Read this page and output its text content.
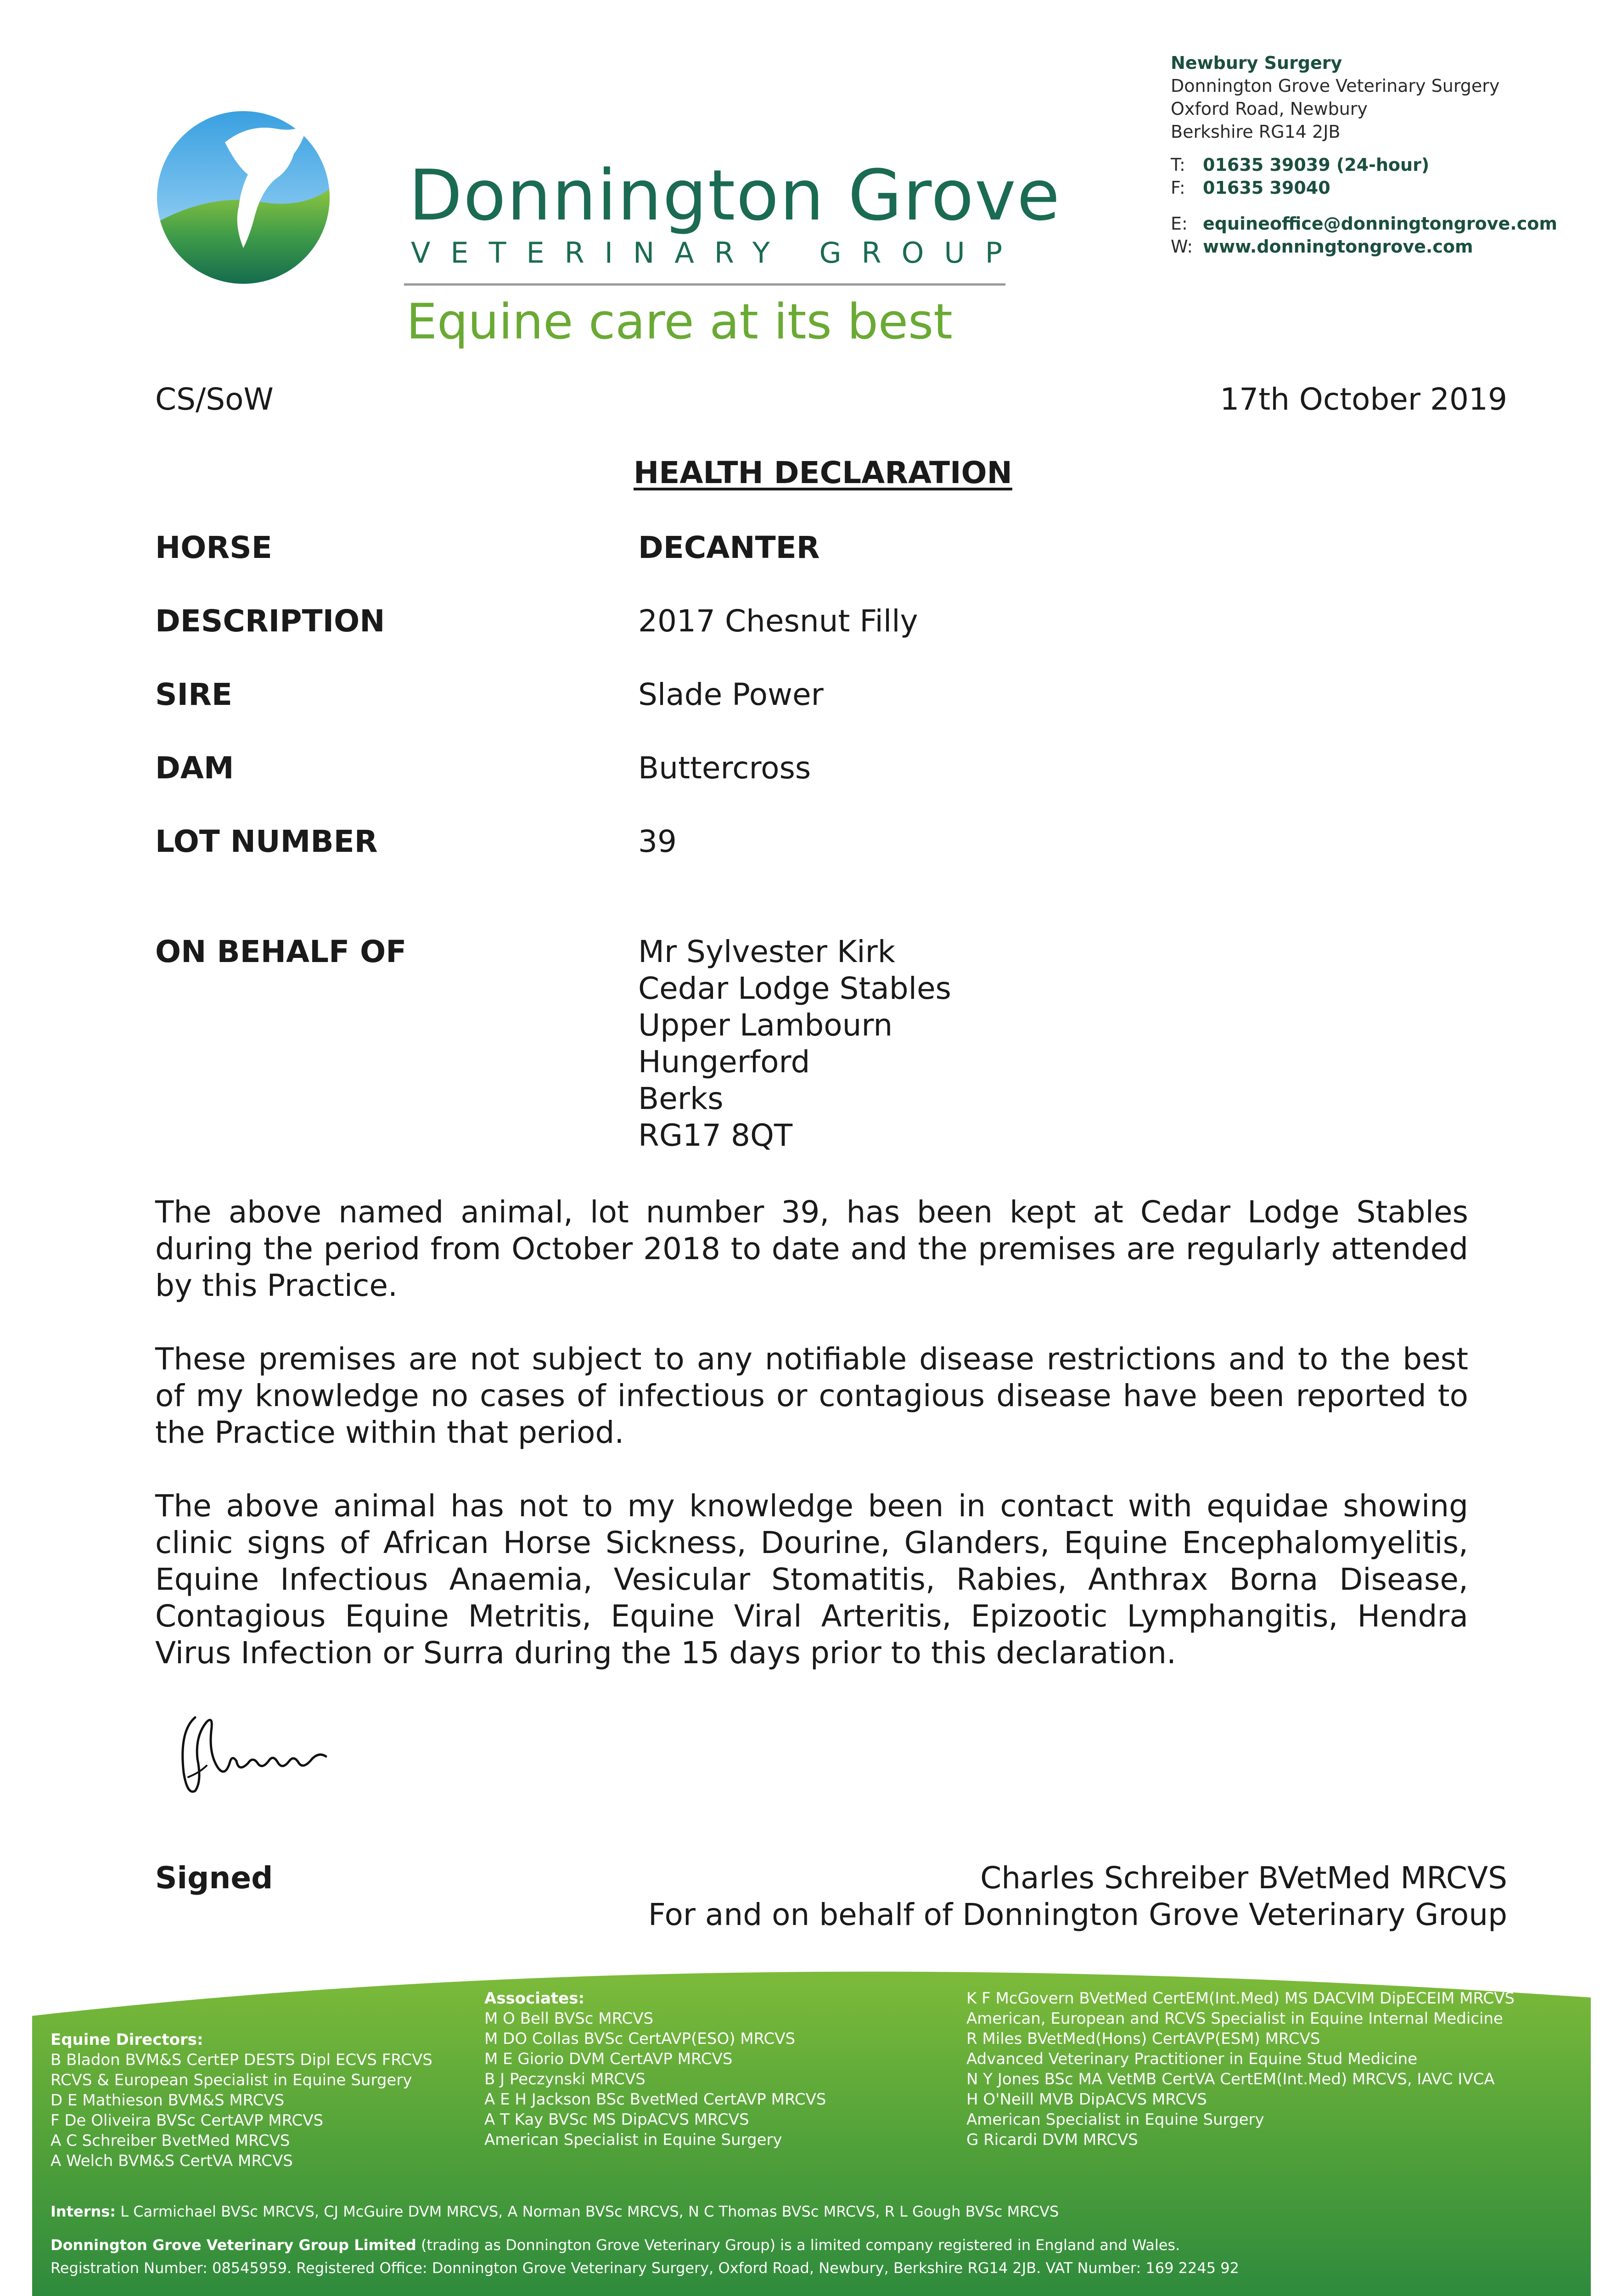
Donnington Grove
VETERINARY GROUP
Equine care at its best
Newbury Surgery
Donnington Grove Veterinary Surgery
Oxford Road, Newbury
Berkshire RG14 2JB
T: 01635 39039 (24-hour)
F: 01635 39040
E: equineoffice@donningtongrove.com
W: www.donningtongrove.com
CS/SoW	17th October 2019
HEALTH DECLARATION
HORSE	DECANTER
DESCRIPTION	2017 Chesnut Filly
SIRE	Slade Power
DAM	Buttercross
LOT NUMBER	39
ON BEHALF OF	Mr Sylvester Kirk
Cedar Lodge Stables
Upper Lambourn
Hungerford
Berks
RG17 8QT

The above named animal, lot number 39, has been kept at Cedar Lodge Stables during the period from October 2018 to date and the premises are regularly attended by this Practice.

These premises are not subject to any notifiable disease restrictions and to the best of my knowledge no cases of infectious or contagious disease have been reported to the Practice within that period.

The above animal has not to my knowledge been in contact with equidae showing clinic signs of African Horse Sickness, Dourine, Glanders, Equine Encephalomyelitis, Equine Infectious Anaemia, Vesicular Stomatitis, Rabies, Anthrax Borna Disease, Contagious Equine Metritis, Equine Viral Arteritis, Epizootic Lymphangitis, Hendra Virus Infection or Surra during the 15 days prior to this declaration.

Signed	Charles Schreiber BVetMed MRCVS
For and on behalf of Donnington Grove Veterinary Group
Equine Directors:
B Bladon BVM&S CertEP DESTS Dipl ECVS FRCVS
RCVS & European Specialist in Equine Surgery
D E Mathieson BVM&S MRCVS
F De Oliveira BVSc CertAVP MRCVS
A C Schreiber BvetMed MRCVS
A Welch BVM&S CertVA MRCVS
Associates:
M O Bell BVSc MRCVS
M DO Collas BVSc CertAVP(ESO) MRCVS
M E Giorio DVM CertAVP MRCVS
B J Peczynski MRCVS
A E H Jackson BSc BvetMed CertAVP MRCVS
A T Kay BVSc MS DipACVS MRCVS
American Specialist in Equine Surgery
K F McGovern BVetMed CertEM(Int.Med) MS DACVIM DipECEIM MRCVS
American, European and RCVS Specialist in Equine Internal Medicine
R Miles BVetMed(Hons) CertAVP(ESM) MRCVS
Advanced Veterinary Practitioner in Equine Stud Medicine
N Y Jones BSc MA VetMB CertVA CertEM(Int.Med) MRCVS, IAVC IVCA
H O'Neill MVB DipACVS MRCVS
American Specialist in Equine Surgery
G Ricardi DVM MRCVS
Interns: L Carmichael BVSc MRCVS, CJ McGuire DVM MRCVS, A Norman BVSc MRCVS, N C Thomas BVSc MRCVS, R L Gough BVSc MRCVS
Donnington Grove Veterinary Group Limited (trading as Donnington Grove Veterinary Group) is a limited company registered in England and Wales.
Registration Number: 08545959. Registered Office: Donnington Grove Veterinary Surgery, Oxford Road, Newbury, Berkshire RG14 2JB. VAT Number: 169 2245 92
